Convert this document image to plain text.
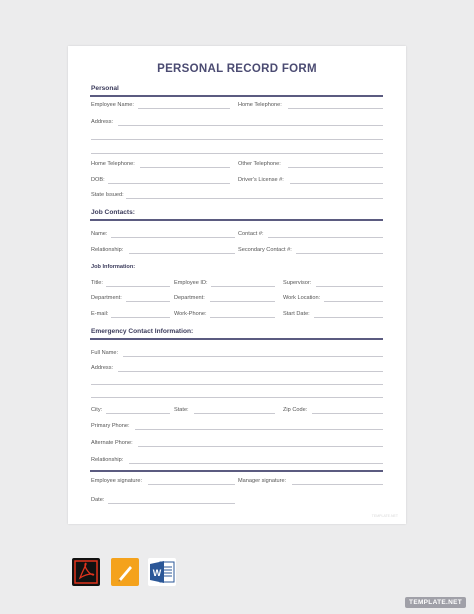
PERSONAL RECORD FORM
Personal
Employee Name:	Home Telephone:
Address:
Home Telephone:	Other Telephone:
DOB:	Driver's License #:
State Issued:
Job Contacts:
Name:	Contact #:
Relationship:	Secondary Contact #:
Job Information:
Title:	Employee ID:	Supervisor:
Department:	Department:	Work Location:
E-mail:	Work-Phone:	Start Date:
Emergency Contact Information:
Full Name:
Address:
City:	State:	Zip Code:
Primary Phone:
Alternate Phone:
Relationship:
Employee signature:	Manager signature:
Date:
TEMPLATE.NET
W
TEMPLATE.NET
